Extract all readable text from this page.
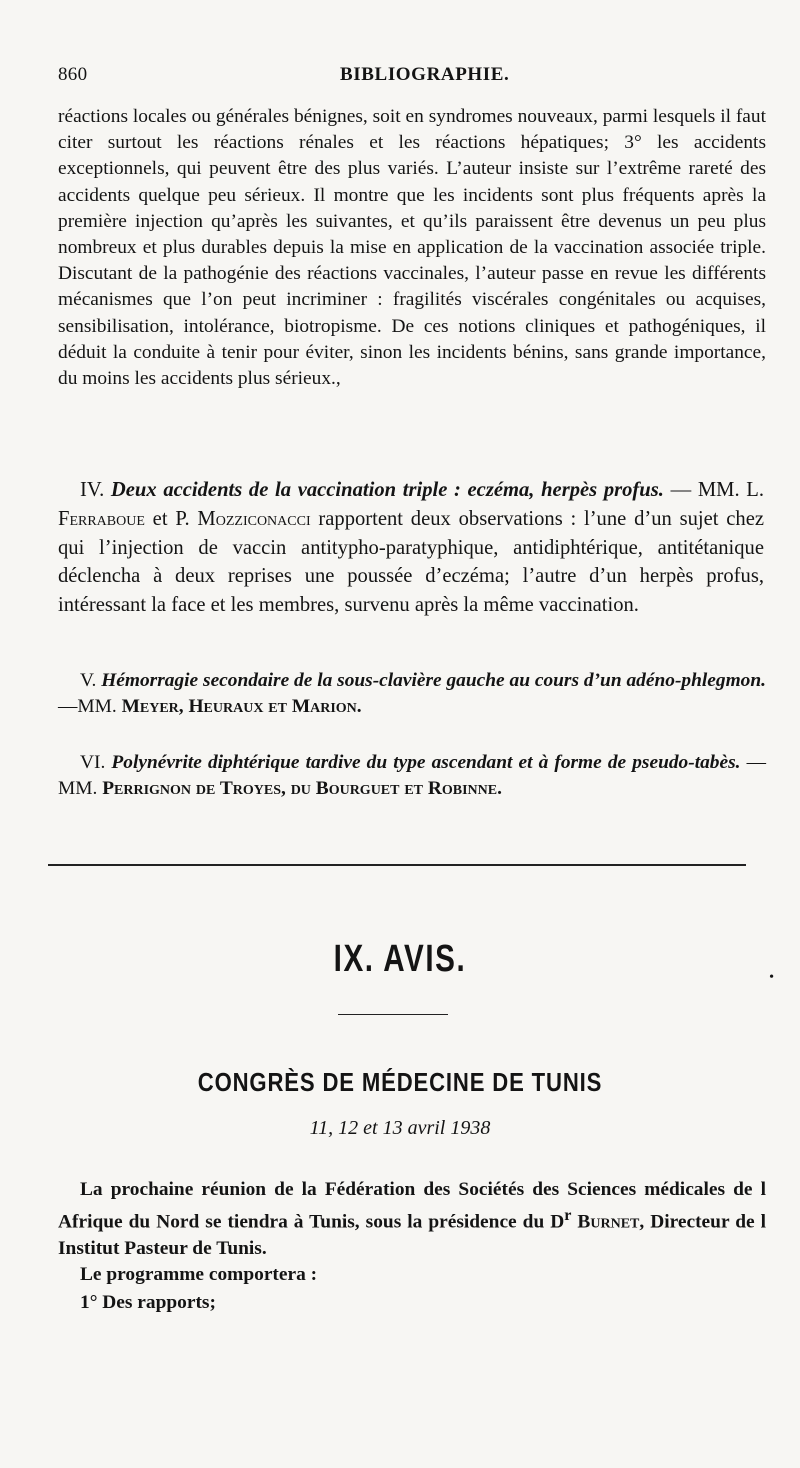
860	BIBLIOGRAPHIE.
réactions locales ou générales bénignes, soit en syndromes nouveaux, parmi lesquels il faut citer surtout les réactions rénales et les réactions hépatiques; 3° les accidents exceptionnels, qui peuvent être des plus variés. L’auteur insiste sur l’extrême rareté des accidents quelque peu sérieux. Il montre que les incidents sont plus fréquents après la première injection qu’après les suivantes, et qu’ils paraissent être devenus un peu plus nombreux et plus durables depuis la mise en application de la vaccination associée triple. Discutant de la pathogénie des réactions vaccinales, l’auteur passe en revue les différents mécanismes que l’on peut incriminer : fragilités viscérales congénitales ou acquises, sensibilisation, intolérance, biotropisme. De ces notions cliniques et pathogéniques, il déduit la conduite à tenir pour éviter, sinon les incidents bénins, sans grande importance, du moins les accidents plus sérieux.,
IV. Deux accidents de la vaccination triple : eczéma, herpès profus. — MM. L. Ferraboue et P. Mozziconacci rapportent deux observations : l’une d’un sujet chez qui l’injection de vaccin antitypho-paratyphique, antidiphtérique, antitétanique déclencha à deux reprises une poussée d’eczéma; l’autre d’un herpès profus, intéressant la face et les membres, survenu après la même vaccination.
V. Hémorragie secondaire de la sous-clavière gauche au cours d’un adéno-phlegmon. —MM. Meyer, Heuraux et Marion.
VI. Polynévrite diphtérique tardive du type ascendant et à forme de pseudo-tabès. — MM. Perrignon de Troyes, du Bourguet et Robinne.
IX. AVIS.	•
CONGRÈS DE MÉDECINE DE TUNIS
11, 12 et 13 avril 1938
La prochaine réunion de la Fédération des Sociétés des Sciences médicales de l Afrique du Nord se tiendra à Tunis, sous la présidence du $D^r$ Burnet, Directeur de l Institut Pasteur de Tunis.
Le programme comportera :
1° Des rapports;
